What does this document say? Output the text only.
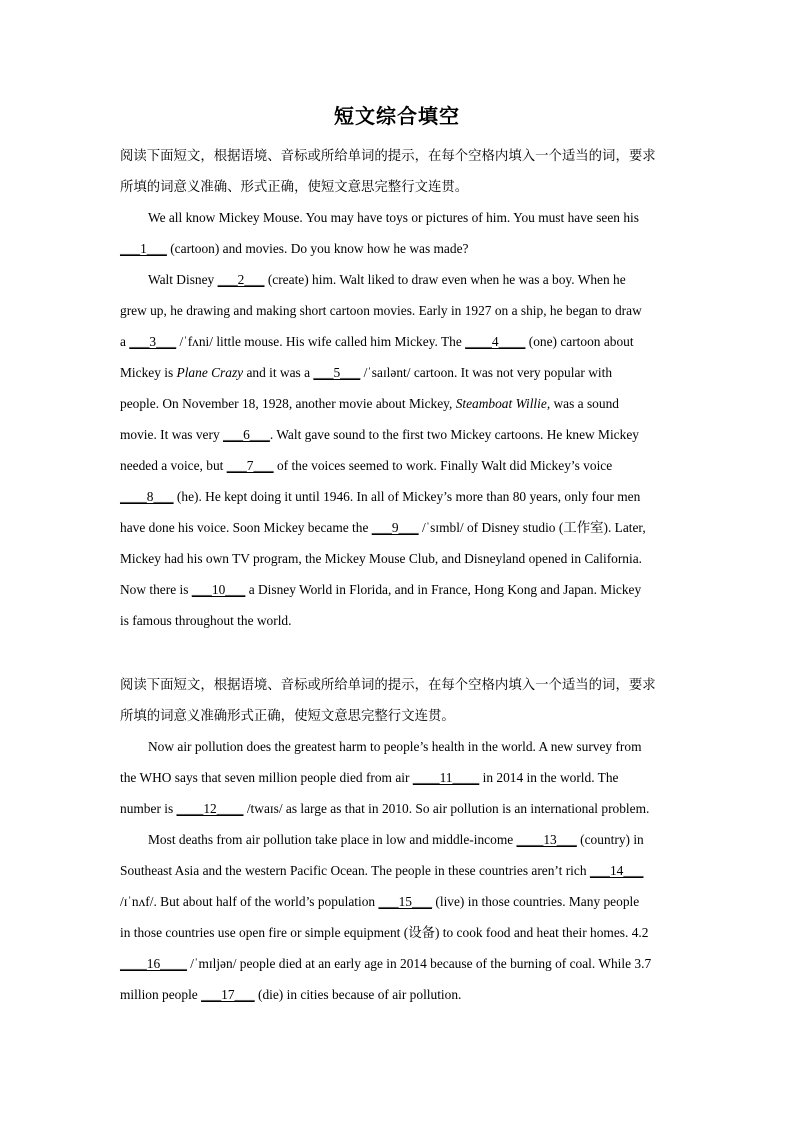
短文综合填空
阅读下面短文，根据语境、音标或所给单词的提示，在每个空格内填入一个适当的词，要求
所填的词意义准确、形式正确，使短文意思完整行文连贯。
We all know Mickey Mouse. You may have toys or pictures of him. You must have seen his
___1___ (cartoon) and movies. Do you know how he was made?
Walt Disney ___2___ (create) him. Walt liked to draw even when he was a boy. When he
grew up, he drawing and making short cartoon movies. Early in 1927 on a ship, he began to draw
a ___3___ /ˈfʌni/ little mouse. His wife called him Mickey. The ____4____ (one) cartoon about
Mickey is Plane Crazy and it was a ___5___ /ˈsaɪlənt/ cartoon. It was not very popular with
people. On November 18, 1928, another movie about Mickey, Steamboat Willie, was a sound
movie. It was very ___6___. Walt gave sound to the first two Mickey cartoons. He knew Mickey
needed a voice, but ___7___ of the voices seemed to work. Finally Walt did Mickey’s voice
____8___ (he). He kept doing it until 1946. In all of Mickey’s more than 80 years, only four men
have done his voice. Soon Mickey became the ___9___ /ˈsɪmbl/ of Disney studio (工作室). Later,
Mickey had his own TV program, the Mickey Mouse Club, and Disneyland opened in California.
Now there is ___10___ a Disney World in Florida, and in France, Hong Kong and Japan. Mickey
is famous throughout the world.
阅读下面短文，根据语境、音标或所给单词的提示，在每个空格内填入一个适当的词，要求
所填的词意义准确形式正确，使短文意思完整行文连贯。
Now air pollution does the greatest harm to people’s health in the world. A new survey from
the WHO says that seven million people died from air ____11____ in 2014 in the world. The
number is ____12____ /twaɪs/ as large as that in 2010. So air pollution is an international problem.
Most deaths from air pollution take place in low and middle-income ____13___ (country) in
Southeast Asia and the western Pacific Ocean. The people in these countries aren’t rich ___14___
/ɪˈnʌf/. But about half of the world’s population ___15___ (live) in those countries. Many people
in those countries use open fire or simple equipment (设备) to cook food and heat their homes. 4.2
____16____ /ˈmɪljən/ people died at an early age in 2014 because of the burning of coal. While 3.7
million people ___17___ (die) in cities because of air pollution.
